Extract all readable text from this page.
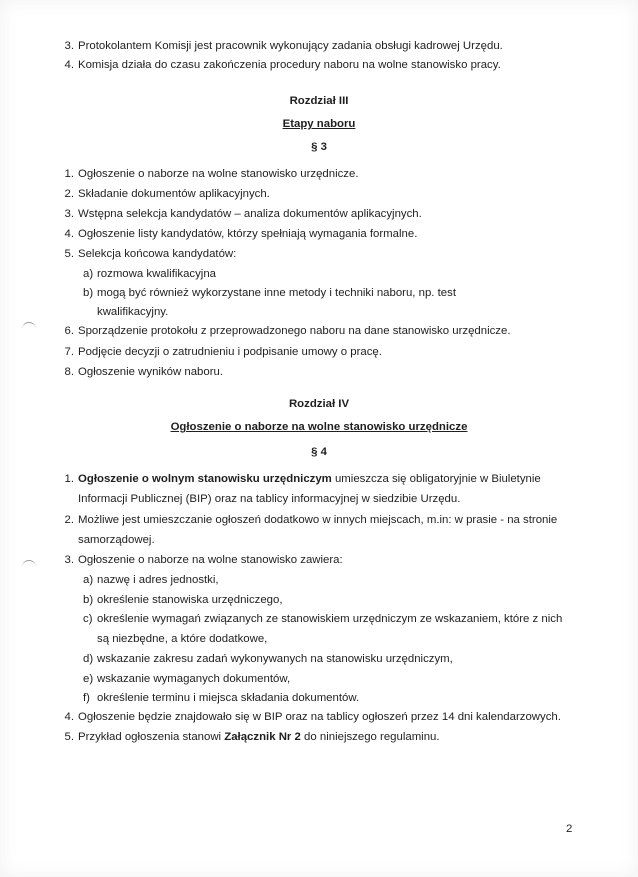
3. Protokolantem Komisji jest pracownik wykonujący zadania obsługi kadrowej Urzędu.
4. Komisja działa do czasu zakończenia procedury naboru na wolne stanowisko pracy.
Rozdział III
Etapy naboru
§ 3
1. Ogłoszenie o naborze na wolne stanowisko urzędnicze.
2. Składanie dokumentów aplikacyjnych.
3. Wstępna selekcja kandydatów – analiza dokumentów aplikacyjnych.
4. Ogłoszenie listy kandydatów, którzy spełniają wymagania formalne.
5. Selekcja końcowa kandydatów:
a) rozmowa kwalifikacyjna
b) mogą być również wykorzystane inne metody i techniki naboru, np. test
kwalifikacyjny.
6. Sporządzenie protokołu z przeprowadzonego naboru na dane stanowisko urzędnicze.
7. Podjęcie decyzji o zatrudnieniu i podpisanie umowy o pracę.
8. Ogłoszenie wyników naboru.
Rozdział IV
Ogłoszenie o naborze na wolne stanowisko urzędnicze
§ 4
1. Ogłoszenie o wolnym stanowisku urzędniczym umieszcza się obligatoryjnie w Biuletynie
Informacji Publicznej (BIP) oraz na tablicy informacyjnej w siedzibie Urzędu.
2. Możliwe jest umieszczanie ogłoszeń dodatkowo w innych miejscach, m.in: w prasie - na stronie
samorządowej.
3. Ogłoszenie o naborze na wolne stanowisko zawiera:
a) nazwę i adres jednostki,
b) określenie stanowiska urzędniczego,
c) określenie wymagań związanych ze stanowiskiem urzędniczym ze wskazaniem, które z nich
są niezbędne, a które dodatkowe,
d) wskazanie zakresu zadań wykonywanych na stanowisku urzędniczym,
e) wskazanie wymaganych dokumentów,
f) określenie terminu i miejsca składania dokumentów.
4. Ogłoszenie będzie znajdowało się w BIP oraz na tablicy ogłoszeń przez 14 dni kalendarzowych.
5. Przykład ogłoszenia stanowi Załącznik Nr 2 do niniejszego regulaminu.
2
